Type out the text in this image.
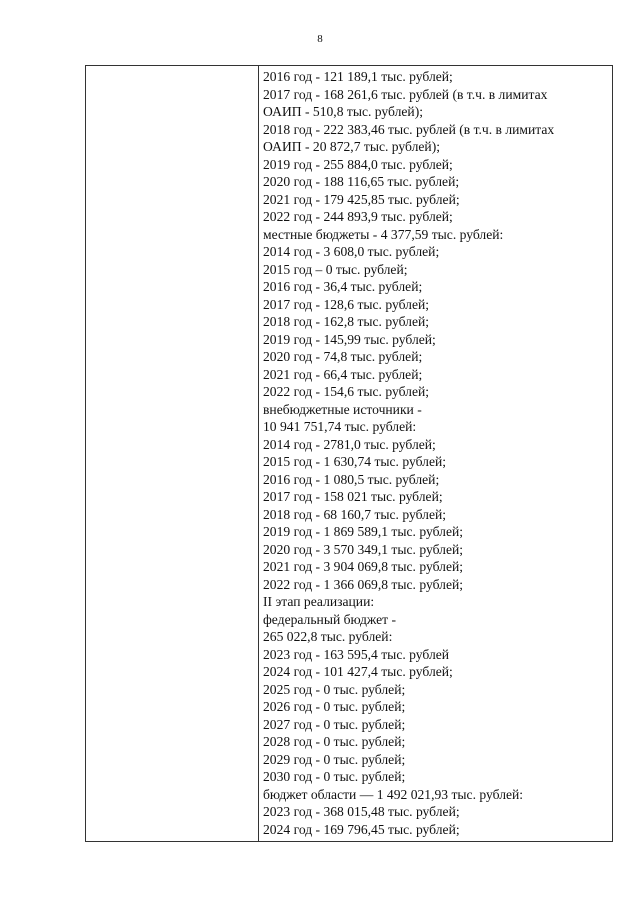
8
2016 год - 121 189,1 тыс. рублей;
2017 год - 168 261,6 тыс. рублей (в т.ч. в лимитах
ОАИП - 510,8 тыс. рублей);
2018 год - 222 383,46 тыс. рублей (в т.ч. в лимитах
ОАИП - 20 872,7 тыс. рублей);
2019 год - 255 884,0 тыс. рублей;
2020 год - 188 116,65 тыс. рублей;
2021 год - 179 425,85 тыс. рублей;
2022 год - 244 893,9 тыс. рублей;
местные бюджеты - 4 377,59 тыс. рублей:
2014 год - 3 608,0 тыс. рублей;
2015 год – 0 тыс. рублей;
2016 год - 36,4 тыс. рублей;
2017 год - 128,6 тыс. рублей;
2018 год - 162,8 тыс. рублей;
2019 год - 145,99 тыс. рублей;
2020 год - 74,8 тыс. рублей;
2021 год - 66,4 тыс. рублей;
2022 год - 154,6 тыс. рублей;
внебюджетные источники -
10 941 751,74 тыс. рублей:
2014 год - 2781,0 тыс. рублей;
2015 год - 1 630,74 тыс. рублей;
2016 год - 1 080,5 тыс. рублей;
2017 год - 158 021 тыс. рублей;
2018 год - 68 160,7 тыс. рублей;
2019 год - 1 869 589,1 тыс. рублей;
2020 год - 3 570 349,1 тыс. рублей;
2021 год - 3 904 069,8 тыс. рублей;
2022 год - 1 366 069,8 тыс. рублей;
II этап реализации:
федеральный бюджет -
265 022,8 тыс. рублей:
2023 год - 163 595,4 тыс. рублей
2024 год - 101 427,4 тыс. рублей;
2025 год - 0 тыс. рублей;
2026 год - 0 тыс. рублей;
2027 год - 0 тыс. рублей;
2028 год - 0 тыс. рублей;
2029 год - 0 тыс. рублей;
2030 год - 0 тыс. рублей;
бюджет области — 1 492 021,93 тыс. рублей:
2023 год - 368 015,48 тыс. рублей;
2024 год - 169 796,45 тыс. рублей;
